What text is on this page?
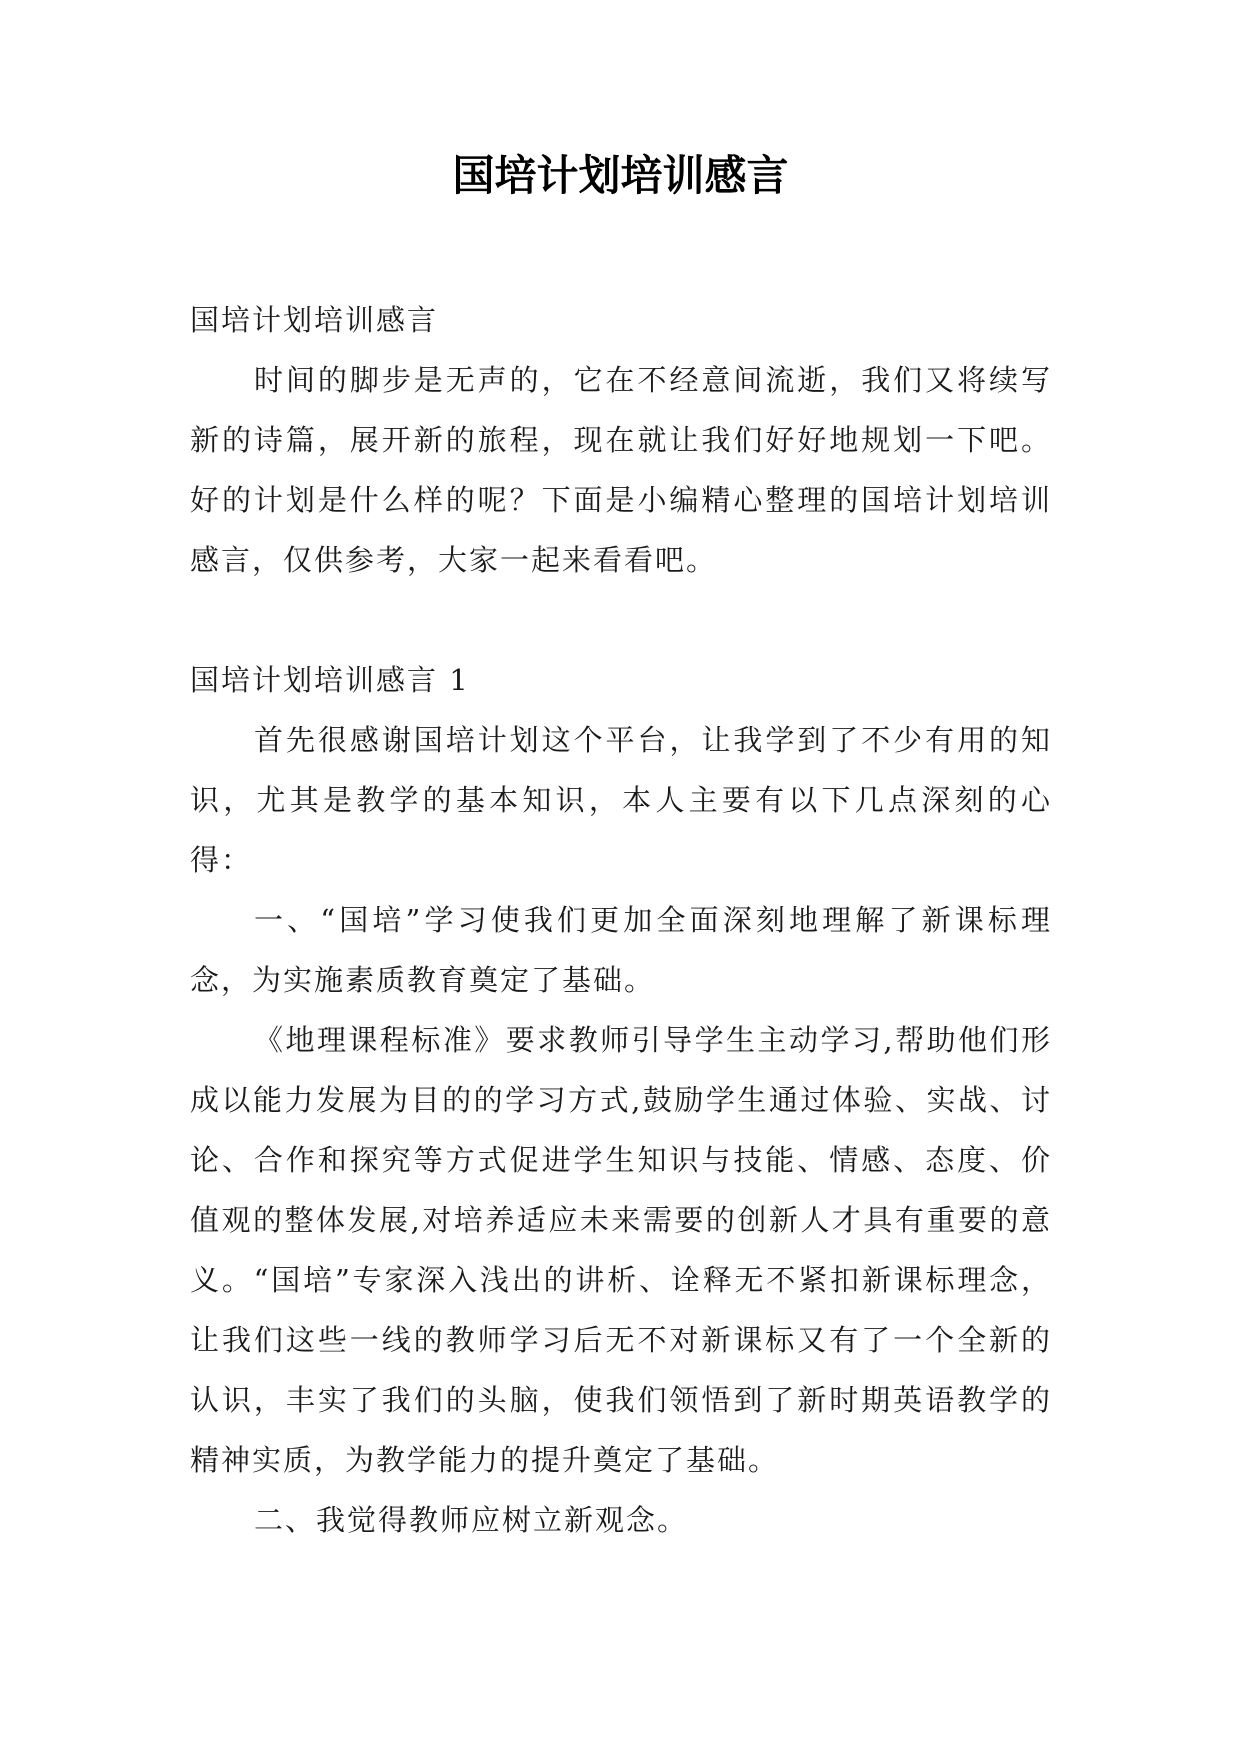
国培计划培训感言

国培计划培训感言

时间的脚步是无声的，它在不经意间流逝，我们又将续写新的诗篇，展开新的旅程，现在就让我们好好地规划一下吧。好的计划是什么样的呢？下面是小编精心整理的国培计划培训感言，仅供参考，大家一起来看看吧。

国培计划培训感言 1

首先很感谢国培计划这个平台，让我学到了不少有用的知识，尤其是教学的基本知识，本人主要有以下几点深刻的心得：

一、“国培”学习使我们更加全面深刻地理解了新课标理念，为实施素质教育奠定了基础。

《地理课程标准》要求教师引导学生主动学习,帮助他们形成以能力发展为目的的学习方式,鼓励学生通过体验、实战、讨论、合作和探究等方式促进学生知识与技能、情感、态度、价值观的整体发展,对培养适应未来需要的创新人才具有重要的意义。“国培”专家深入浅出的讲析、诠释无不紧扣新课标理念，让我们这些一线的教师学习后无不对新课标又有了一个全新的认识，丰实了我们的头脑，使我们领悟到了新时期英语教学的精神实质，为教学能力的提升奠定了基础。

二、我觉得教师应树立新观念。
